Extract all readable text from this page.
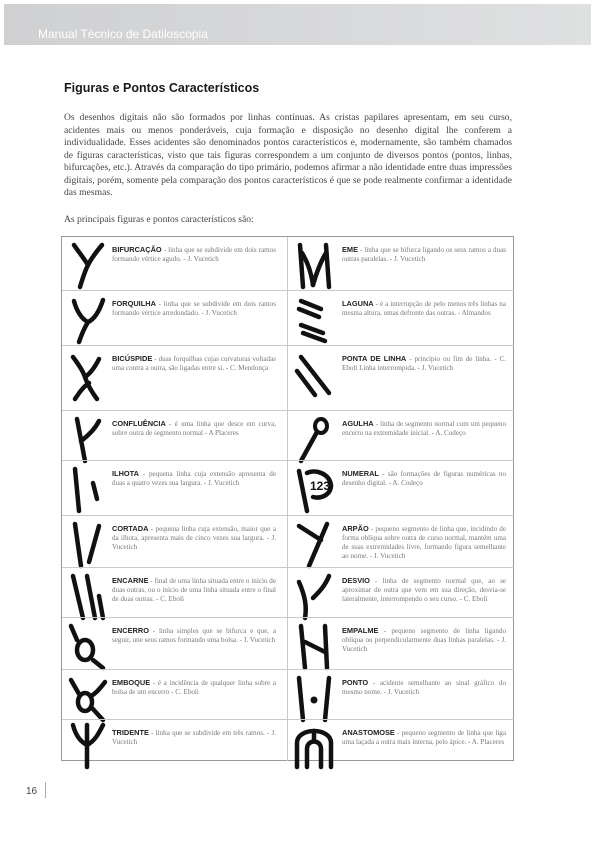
Manual Técnico de Datiloscopia
Figuras e Pontos Característicos
Os desenhos digitais não são formados por linhas contínuas. As cristas papilares apresentam, em seu curso, acidentes mais ou menos ponderáveis, cuja formação e disposição no desenho digital lhe conferem a individualidade. Esses acidentes são denominados pontos característicos e, modernamente, são também chamados de figuras características, visto que tais figuras correspondem a um conjunto de diversos pontos (pontos, linhas, bifurcações, etc.). Através da comparação do tipo primário, podemos afirmar a não identidade entre duas impressões digitais, porém, somente pela comparação dos pontos característicos é que se pode realmente confirmar a identidade das mesmas.
As principais figuras e pontos característicos são:
BIFURCAÇÃO - linha que se subdivide em dois ramos formando vértice agudo. - J. Vucetich
EME - linha que se bifurca ligando os seus ramos a duas outras paralelas. - J. Vucetich
FORQUILHA - linha que se subdivide em dois ramos formando vértice arredondado. - J. Vucetich
LAGUNA - é a interrupção de pelo menos três linhas na mesma altura, umas defronte das outras. - Almandos
BICÚSPIDE - duas forquilhas cujas curvaturas voltadas uma contra a outra, são ligadas entre si. - C. Mendonça
PONTA DE LINHA - princípio ou fim de linha. - C. Eboli Linha interrompida. - J. Vucetich
CONFLUÊNCIA - é uma linha que desce em curva, sobre outra de segmento normal - A Placeres
AGULHA - linha de segmento normal com um pequeno encerro na extremidade inicial. - A. Codeço
ILHOTA - pequena linha cuja extensão apresenta de duas a quatro vezes sua largura. - J. Vucetich	123
NUMERAL - são formações de figuras numéricas no desenho digital. - A. Codeço
CORTADA - pequena linha cuja extensão, maior que a da ilhota, apresenta mais de cinco vezes sua largura. - J. Vucetich
ARPÃO - pequeno segmento de linha que, incidindo de forma oblíqua sobre outra de curso normal, mantém uma de suas extremidades livre, formando figura semelhante ao nome. - J. Vucetich
ENCARNE - final de uma linha situada entre o início de duas outras, ou o início de uma linha situada entre o final de duas outras. - C. Eboli
DESVIO - linha de segmento normal que, ao se aproximar de outra que vem em sua direção, desvia-se lateralmente, interrompendo o seu curso. - C. Eboli
ENCERRO - linha simples que se bifurca e que, a seguir, une seus ramos formando uma bolsa. - J. Vucetich
EMPALME - pequeno segmento de linha ligando oblíqua ou perpendicularmente duas linhas paralelas. - J. Vucetich
EMBOQUE - é a incidência de qualquer linha sobre a bolsa de um encerro - C. Eboli
PONTO - acidente semelhante ao sinal gráfico do mesmo nome. - J. Vucetich
TRIDENTE - linha que se subdivide em três ramos. - J. Vucetich
ANASTOMOSE - pequeno segmento de linha que liga uma laçada a outra mais interna, pelo ápice. - A. Placeres
16
